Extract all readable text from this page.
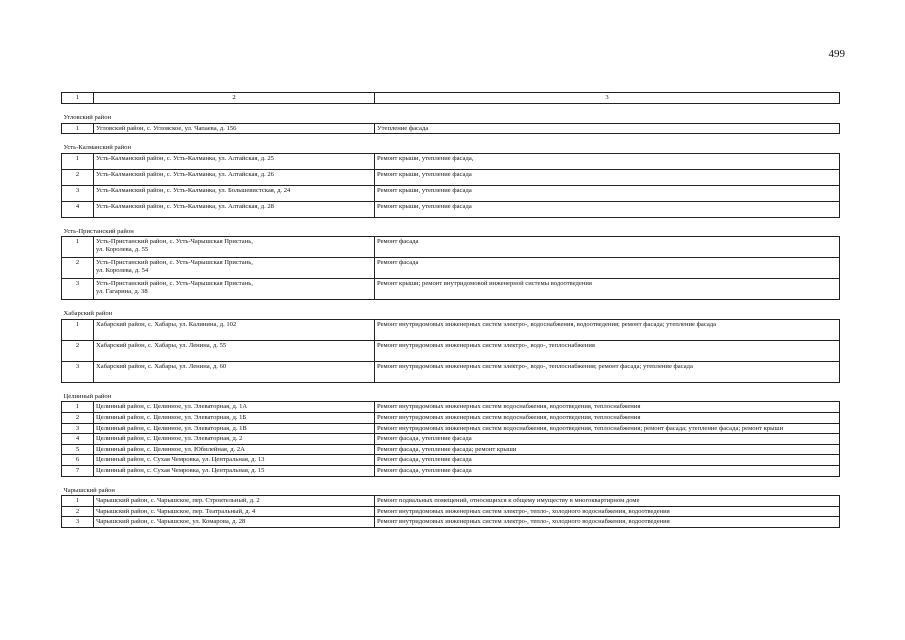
499
1	2	3
Угловский район		
1	Угловский район, с. Угловское, ул. Чапаева, д. 156	Утепление фасада
Усть-Калманский район		
1	Усть-Калманский район, с. Усть-Калманка, ул. Алтайская, д. 25	Ремонт крыши, утепление фасада,
2	Усть-Калманский район, с. Усть-Калманка, ул. Алтайская, д. 26	Ремонт крыши, утепление фасада
3	Усть-Калманский район, с. Усть-Калманка, ул. Большевистская, д. 24	Ремонт крыши, утепление фасада
4	Усть-Калманский район, с. Усть-Калманка, ул. Алтайская, д. 28	Ремонт крыши, утепление фасада
Усть-Пристанский район		
1	Усть-Пристанский район, с. Усть-Чарышская Пристань,
ул. Королева, д. 55	Ремонт фасада
2	Усть-Пристанский район, с. Усть-Чарышская Пристань,
ул. Королева, д. 54	Ремонт фасада
3	Усть-Пристанский район, с. Усть-Чарышская Пристань,
ул. Гагарина, д. 38	Ремонт крыши; ремонт внутридомовой инженерной системы водоотведения
Хабарский район		
1	Хабарский район, с. Хабары, ул. Калинина, д. 102	Ремонт внутридомовых инженерных систем электро-, водоснабжения, водоотведения; ремонт фасада; утепление фасада
2	Хабарский район, с. Хабары, ул. Ленина, д. 55	Ремонт внутридомовых инженерных систем электро-, водо-, теплоснабжения
3	Хабарский район, с. Хабары, ул. Ленина, д. 60	Ремонт внутридомовых инженерных систем электро-, водо-, теплоснабжения; ремонт фасада; утепление фасада
Целинный район		
1	Целинный район, с. Целинное, ул. Элеваторная, д. 1А	Ремонт внутридомовых инженерных систем водоснабжения, водоотведения, теплоснабжения
2	Целинный район, с. Целинное, ул. Элеваторная, д. 1Б	Ремонт внутридомовых инженерных систем водоснабжения, водоотведения, теплоснабжения
3	Целинный район, с. Целинное, ул. Элеваторная, д. 1В	Ремонт внутридомовых инженерных систем водоснабжения, водоотведения, теплоснабжения; ремонт фасада; утепление фасада; ремонт крыши
4	Целинный район, с. Целинное, ул. Элеваторная, д. 2	Ремонт фасада, утепление фасада
5	Целинный район, с. Целинное, ул. Юбилейная, д. 2А	Ремонт фасада, утепление фасада; ремонт крыши
6	Целинный район, с. Сухая Чемровка, ул. Центральная, д. 13	Ремонт фасада, утепление фасада
7	Целинный район, с. Сухая Чемровка, ул. Центральная, д. 15	Ремонт фасада, утепление фасада
Чарышский район		
1	Чарышский район, с. Чарышское, пер. Строительный, д. 2	Ремонт подвальных помещений, относящихся к общему имуществу в многоквартирном доме
2	Чарышский район, с. Чарышское, пер. Театральный, д. 4	Ремонт внутридомовых инженерных систем электро-, тепло-, холодного водоснабжения, водоотведения
3	Чарышский район, с. Чарышское, ул. Комарова, д. 28	Ремонт внутридомовых инженерных систем электро-, тепло-, холодного водоснабжения, водоотведения
